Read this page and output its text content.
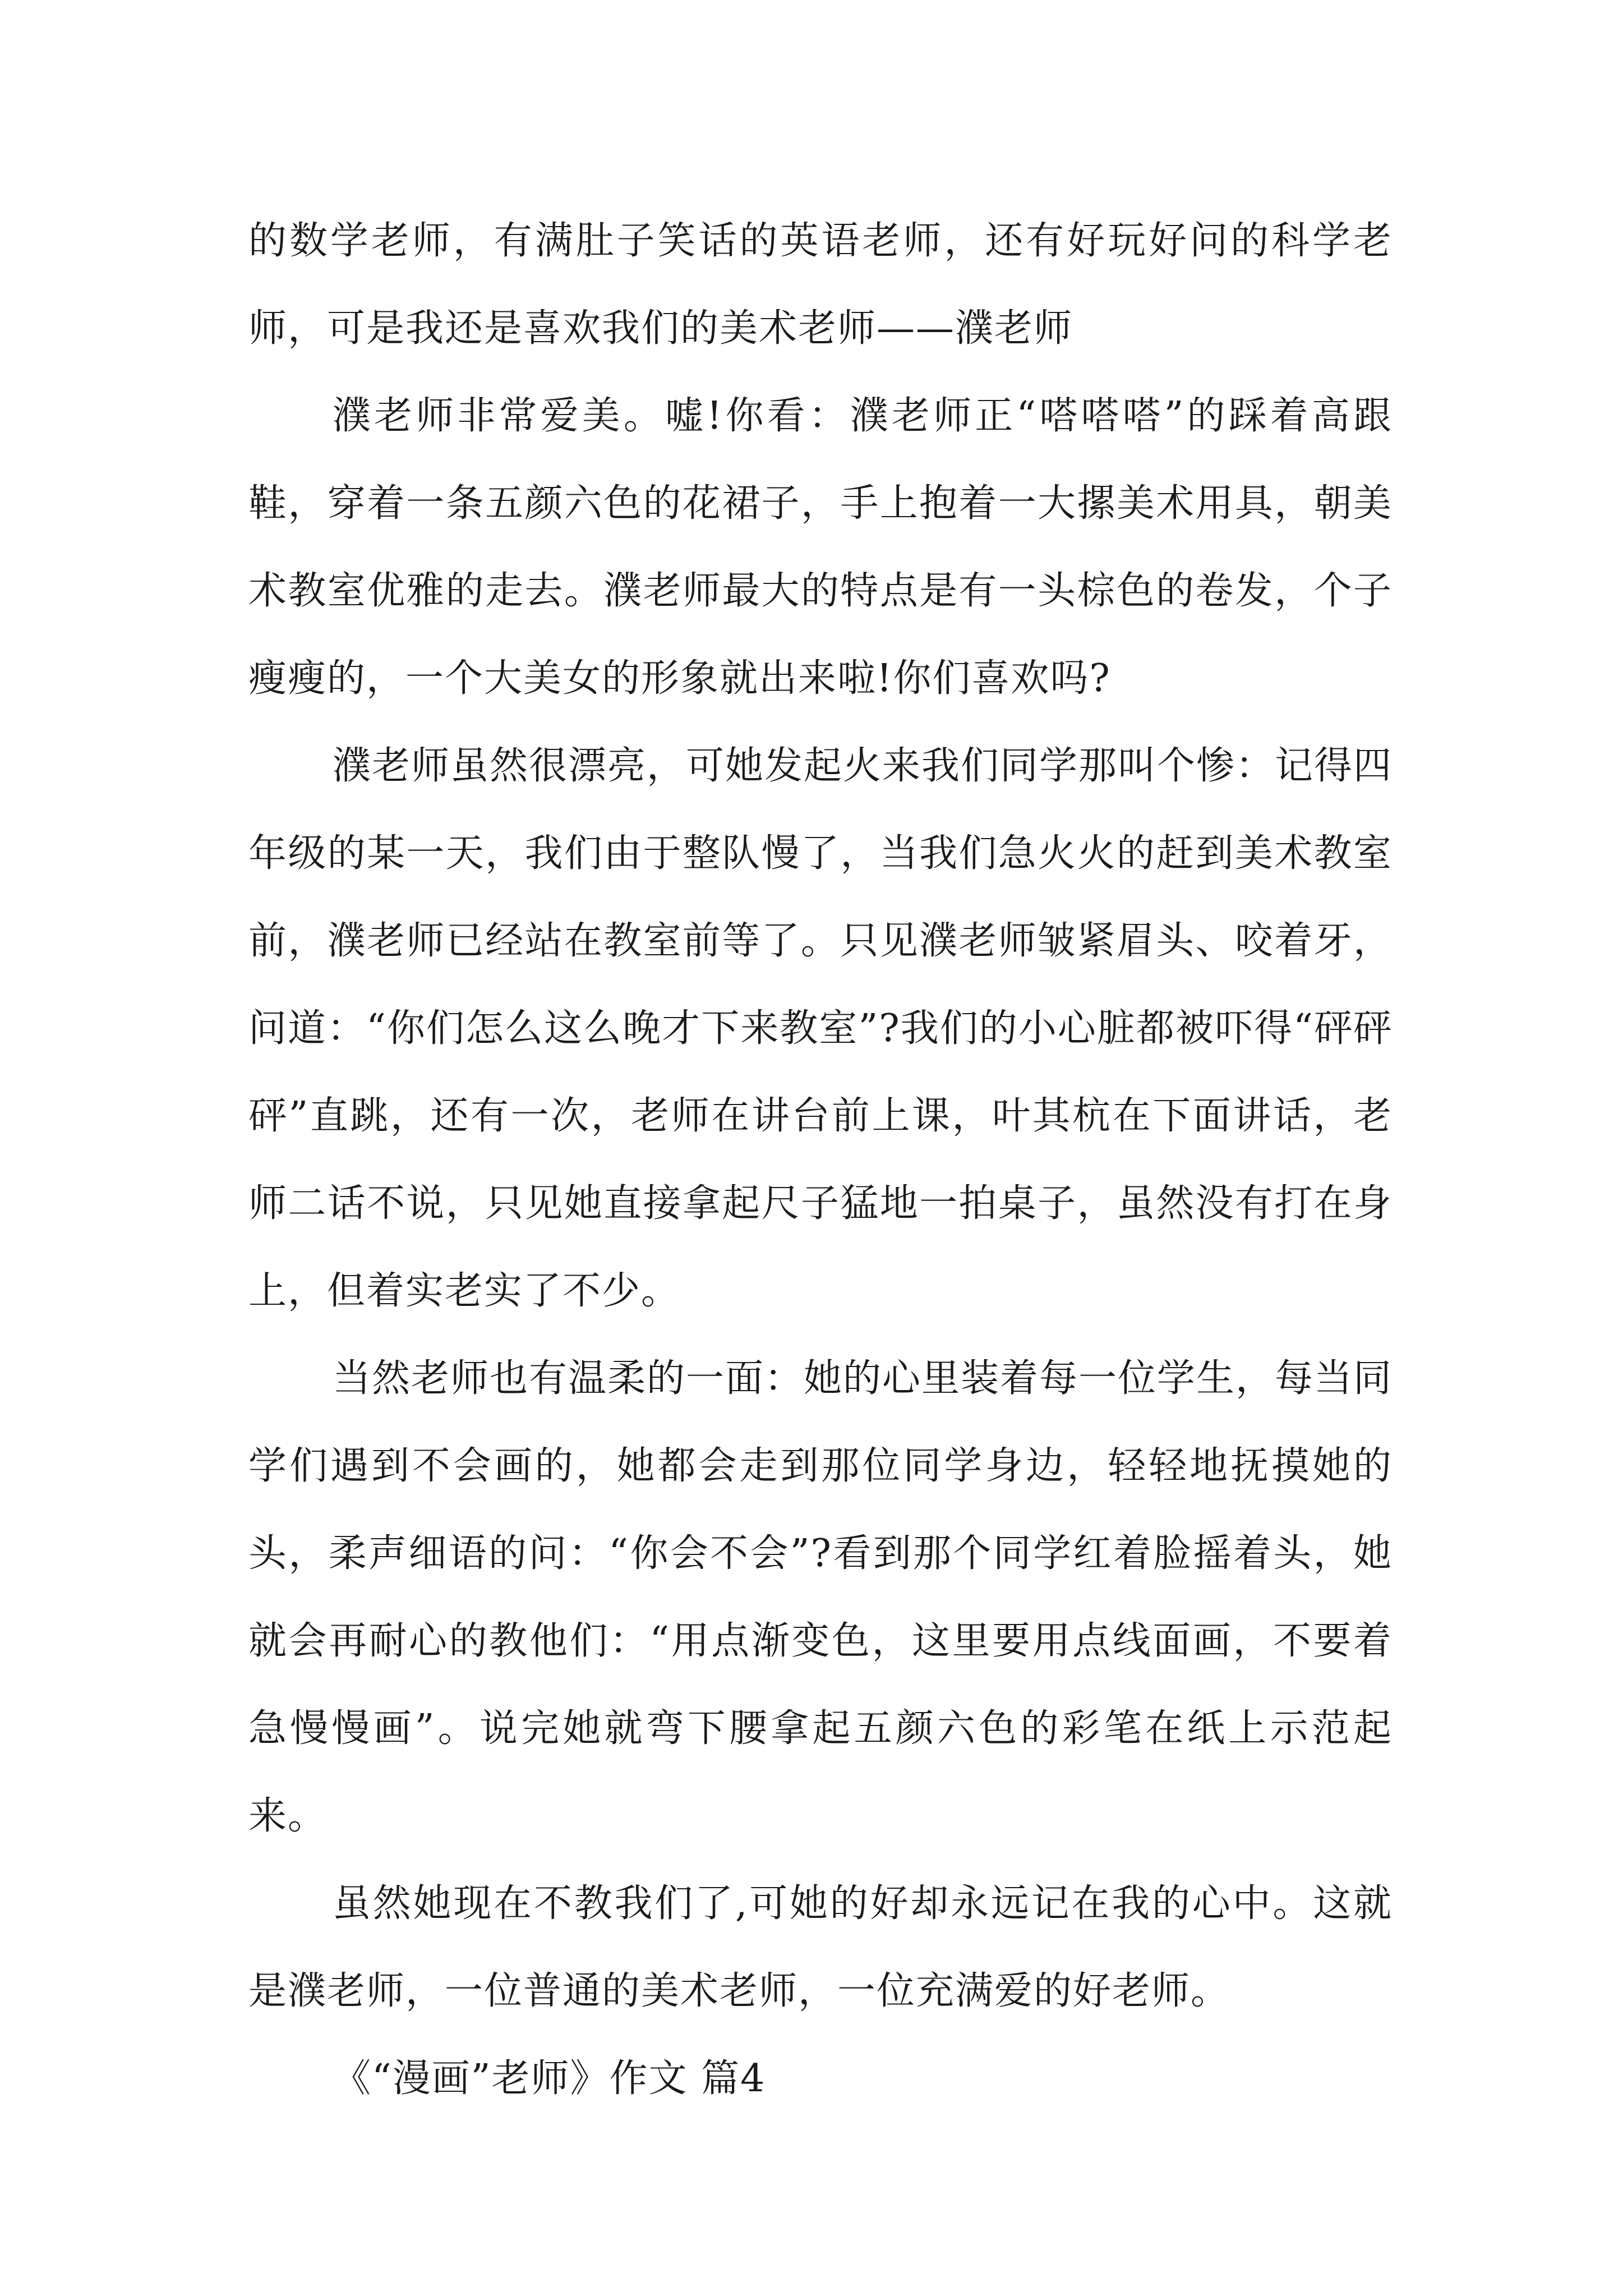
的数学老师，有满肚子笑话的英语老师，还有好玩好问的科学老师，可是我还是喜欢我们的美术老师——濮老师

濮老师非常爱美。嘘!你看：濮老师正“嗒嗒嗒”的踩着高跟鞋，穿着一条五颜六色的花裙子，手上抱着一大摞美术用具，朝美术教室优雅的走去。濮老师最大的特点是有一头棕色的卷发，个子瘦瘦的，一个大美女的形象就出来啦!你们喜欢吗?

濮老师虽然很漂亮，可她发起火来我们同学那叫个惨：记得四年级的某一天，我们由于整队慢了，当我们急火火的赶到美术教室前，濮老师已经站在教室前等了。只见濮老师皱紧眉头、咬着牙，问道：“你们怎么这么晚才下来教室”?我们的小心脏都被吓得“砰砰砰”直跳，还有一次，老师在讲台前上课，叶其杭在下面讲话，老师二话不说，只见她直接拿起尺子猛地一拍桌子，虽然没有打在身上，但着实老实了不少。

当然老师也有温柔的一面：她的心里装着每一位学生，每当同学们遇到不会画的，她都会走到那位同学身边，轻轻地抚摸她的头，柔声细语的问：“你会不会”?看到那个同学红着脸摇着头，她就会再耐心的教他们：“用点渐变色，这里要用点线面画，不要着急慢慢画”。说完她就弯下腰拿起五颜六色的彩笔在纸上示范起来。

虽然她现在不教我们了,可她的好却永远记在我的心中。这就是濮老师，一位普通的美术老师，一位充满爱的好老师。

《“漫画”老师》作文 篇4
